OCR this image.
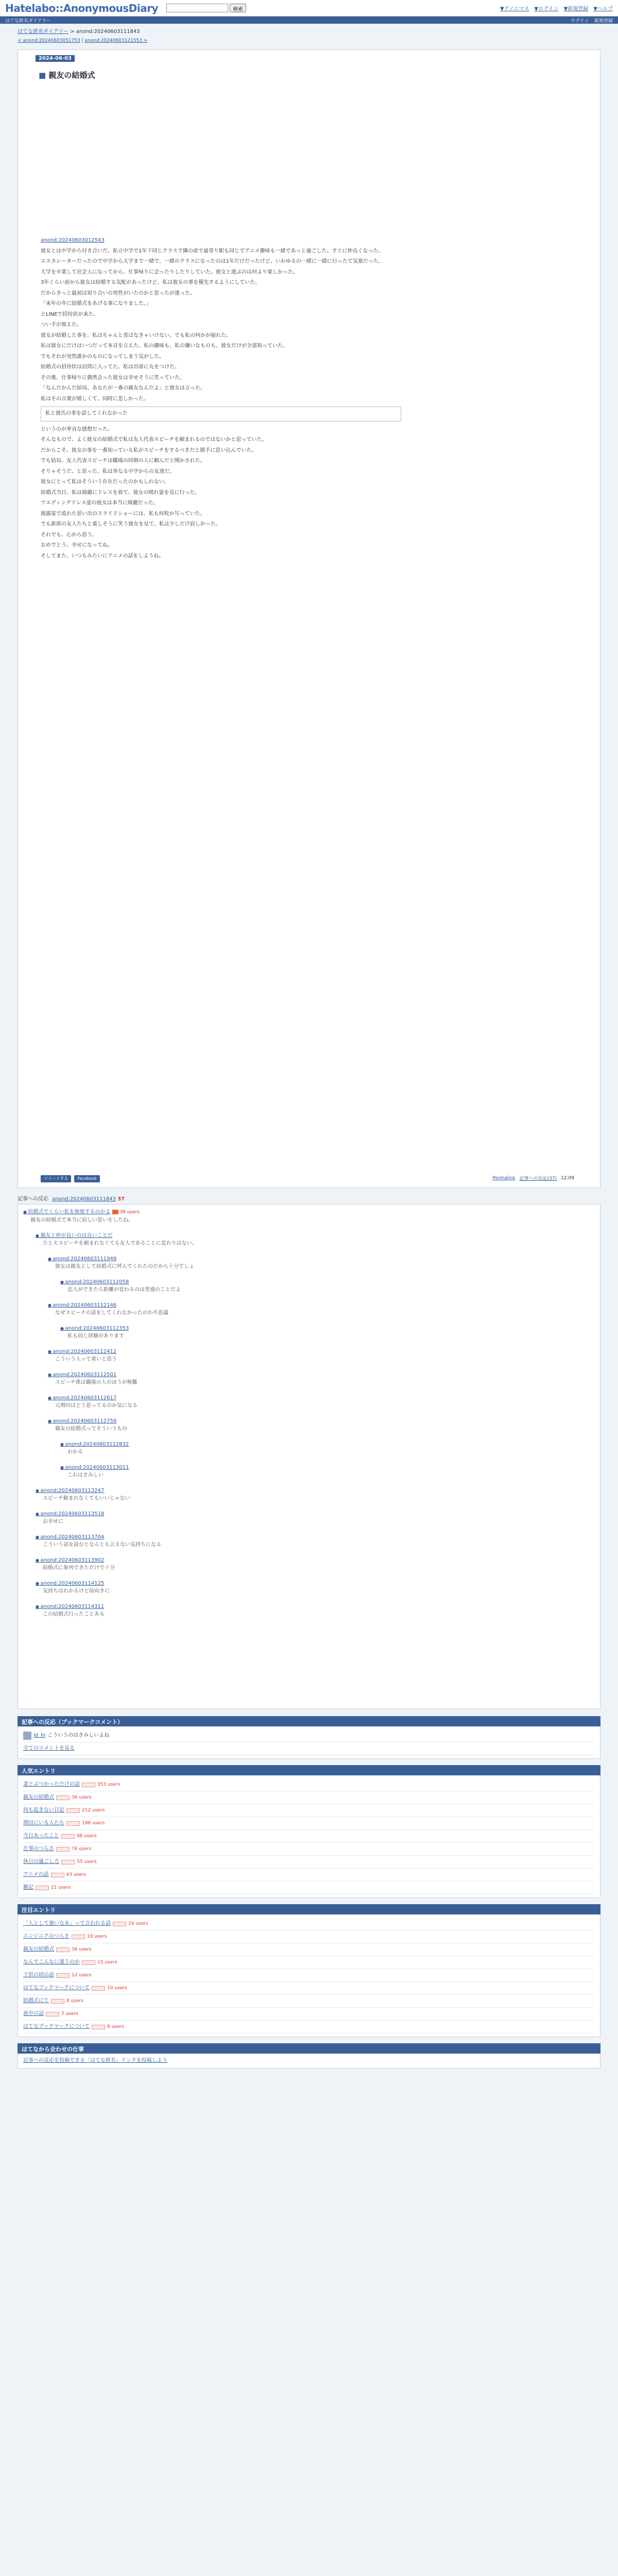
Hatelabo::AnonymousDiary	検索	▼アノニマス ▼ログイン ▼新規登録 ▼ヘルプ
はてな匿名ダイアリー	ログイン 新規登録
はてな匿名ダイアリー > anond:20240603111843
< anond:20240603051753 | anond:20240603121553 >
2024-06-03
■ 親友の結婚式

anond:20240603012543

彼女とは中学から付き合いだ。私立中学で1年下同じクラスで隣の席で最寄り駅も同じでアニメ趣味も一緒であっと過ごした。すぐに仲良くなった。

エスカレーターだったので中学から大学まで一緒で、一緒のクラスになったのは1年だけだったけど、いわゆるの一緒に一緒に行ったて気楽だった。

大学を卒業して社会人になってから、仕事帰りに会ったりしたりしていた。彼女と遊ぶのは何より楽しかった。

3年くらい前から彼女は結婚する気配があったけど、私は彼女の事を優先するようにしていた。

だからきっと最初は知り合いの男性がいたのかと思ったが違った。

「来年の冬に結婚式をあげる事になりました。」

とLINEで招待状が来た。

つい手が震えた。

彼女が結婚した事を、私はちゃんと喜ばなきゃいけない。でも私の何かが崩れた。

私は彼女にだけはいつだって本音を言えた。私の趣味も、私の嫌いなものも、彼女だけが全部知っていた。

でもそれが突然誰かのものになってしまう気がした。

結婚式の招待状は封筒に入ってた。私は出席に丸をつけた。

その後、仕事帰りに偶然会った彼女は幸せそうに笑っていた。

「なんだかんだ結局、あなたが一番の親友なんだよ」と彼女は言った。

私はその言葉が嬉しくて、同時に悲しかった。

私と彼氏の事を話してくれなかった

というのが率直な感想だった。

そんなもので、よく彼女の結婚式で私は友人代表スピーチを頼まれるのではないかと思っていた。

だからこそ、彼女の事を一番知っている私がスピーチをするべきだと勝手に思い込んでいた。

でも結局、友人代表スピーチは職場の同期の人に頼んだと聞かされた。

そりゃそうだ、と思った。私は単なる中学からの友達だ。

彼女にとって私はそういう存在だったのかもしれない。

結婚式当日、私は綺麗にドレスを着て、彼女の晴れ姿を見に行った。

ウエディングドレス姿の彼女は本当に綺麗だった。

披露宴で流れた思い出のスライドショーには、私も何枚か写っていた。

でも新郎の友人たちと楽しそうに笑う彼女を見て、私は少しだけ寂しかった。

それでも、心から思う。

おめでとう。幸せになってね。

そしてまた、いつもみたいにアニメの話をしようね。

ツイートする	Facebook	Permalink 記事への反応(37) 12:09
記事への反応 anond:20240603111843 37
● 結婚式でくらい私を無視するのかよ 36 users
親友の結婚式で本当に寂しい思いをしたね。
● 親友と仲が良いのは良いことだ
たとえスピーチを頼まれなくても友人であることに変わりはない。
● anond:20240603111949
彼女は親友として結婚式に呼んでくれたのだから十分でしょ
● anond:20240603112058
恋人ができたら距離が変わるのは普通のことだよ
● anond:20240603112146
なぜスピーチの話をしてくれなかったのか不思議
● anond:20240603112353
私も同じ経験があります
● anond:20240603112412
こういう人って重いと思う
● anond:20240603112501
スピーチ係は職場の人のほうが無難
● anond:20240603112617
元増田はどう思ってるのか気になる
● anond:20240603112759
親友の結婚式ってそういうもの
● anond:20240603112832
わかる
● anond:20240603113011
これはさみしい
● anond:20240603113247
スピーチ頼まれなくてもいいじゃない
● anond:20240603113518
お幸せに
● anond:20240603113704
こういう話を読むとなんとも言えない気持ちになる
● anond:20240603113902
結婚式に参列できただけで十分
● anond:20240603114125
気持ちはわかるけど前向きに
● anond:20240603114311
この結婚式行ったことある
記事への反応（ブックマークコメント）
id_hi こういうのはさみしいよね
全てのコメントを見る
人気エントリ
妻とぶつかっただけの話	353 users
親友の結婚式	36 users
何も起きない日記	212 users
増田にいる人たち	188 users
今日あったこと	98 users
仕事のつらさ	76 users
休日の過ごし方	55 users
アニメの話	43 users
雑記	21 users
注目エントリ
「人として強いなあ」って言われる話	24 users
エンジニアのつらさ	19 users
親友の結婚式	36 users
なんでこんなに違うのか	15 users
子供の頃の話	12 users
はてなブックマークについて	10 users
結婚式にて	8 users
夜中の話	7 users
はてなブックマークについて	6 users
はてなから会わせの仕事
記事への反応を投稿できる「はてな匿名」リンクを投稿しよう
